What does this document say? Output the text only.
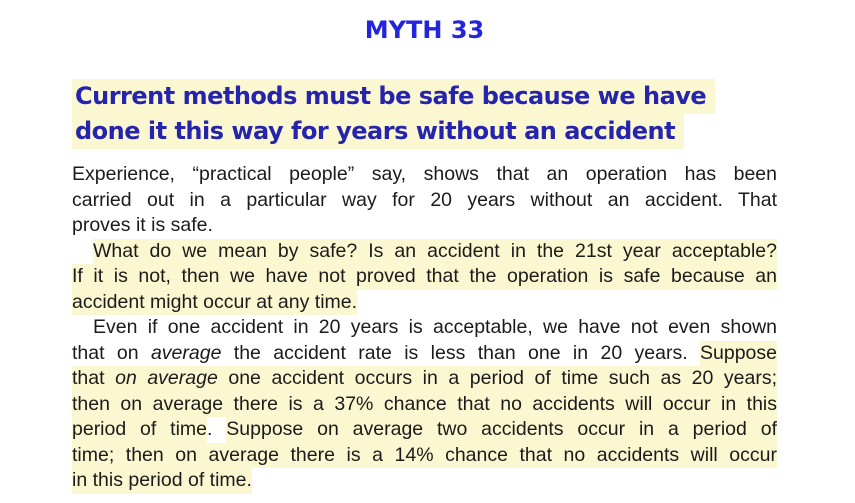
MYTH 33
Current methods must be safe because we have
done it this way for years without an accident
Experience, “practical people” say, shows that an operation has been
carried out in a particular way for 20 years without an accident. That
proves it is safe.
What do we mean by safe? Is an accident in the 21st year acceptable?
If it is not, then we have not proved that the operation is safe because an
accident might occur at any time.
Even if one accident in 20 years is acceptable, we have not even shown
that on average the accident rate is less than one in 20 years. Suppose
that on average one accident occurs in a period of time such as 20 years;
then on average there is a 37% chance that no accidents will occur in this
period of time. Suppose on average two accidents occur in a period of
time; then on average there is a 14% chance that no accidents will occur
in this period of time.
